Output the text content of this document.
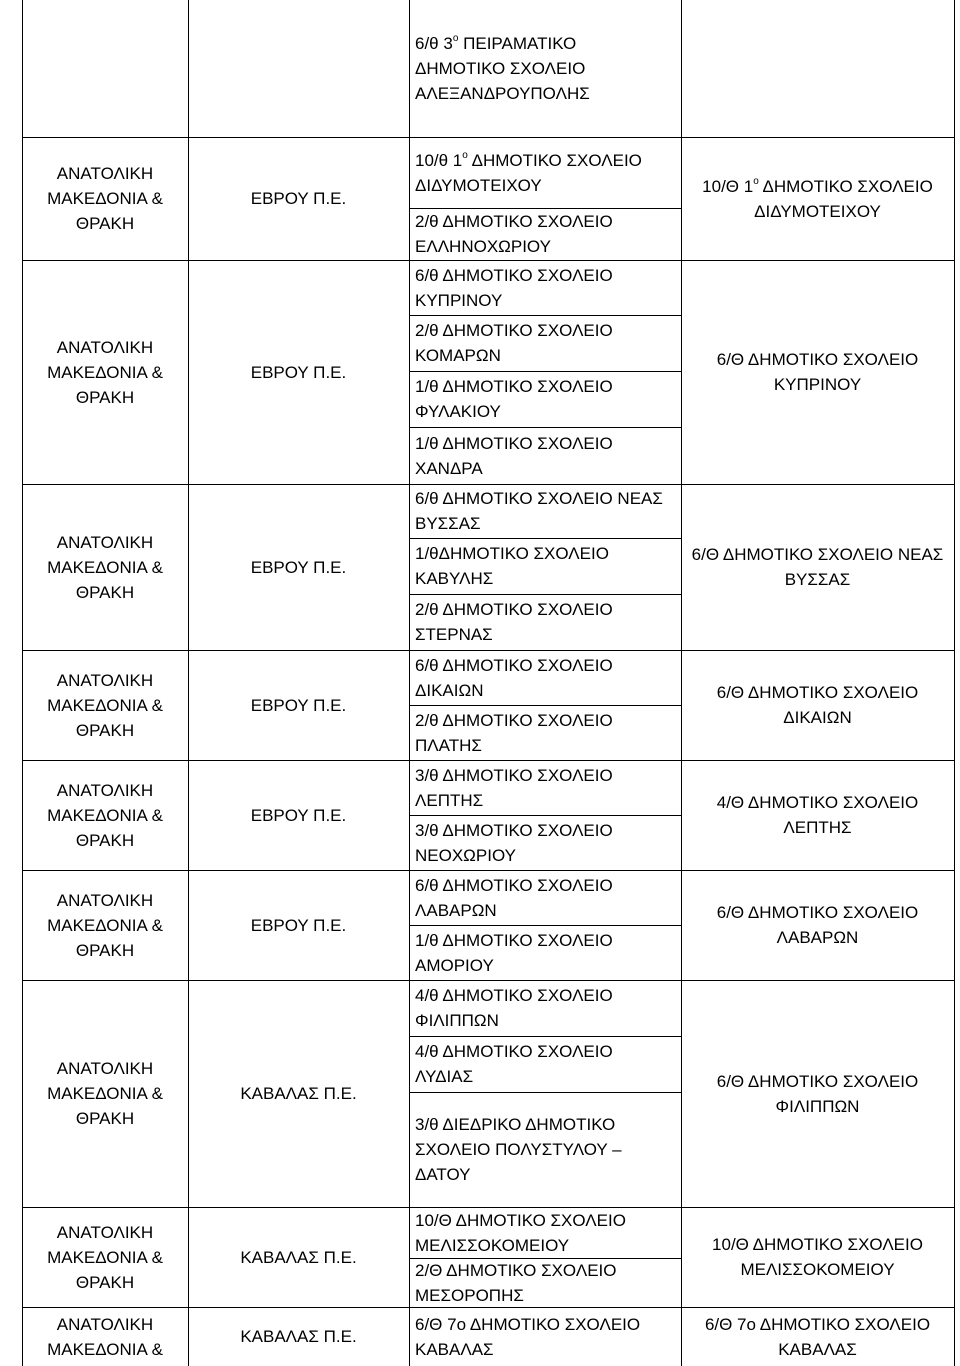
6/θ $3^o$ ΠΕΙΡΑΜΑΤΙΚΟ
ΔΗΜΟΤΙΚΟ ΣΧΟΛΕΙΟ
ΑΛΕΞΑΝΔΡΟΥΠΟΛΗΣ
ΑΝΑΤΟΛΙΚΗ
ΜΑΚΕΔΟΝΙΑ &
ΘΡΑΚΗ
ΕΒΡΟΥ Π.Ε.
10/θ $1^o$ ΔΗΜΟΤΙΚΟ ΣΧΟΛΕΙΟ
ΔΙΔΥΜΟΤΕΙΧΟΥ
2/θ ΔΗΜΟΤΙΚΟ ΣΧΟΛΕΙΟ
ΕΛΛΗΝΟΧΩΡΙΟΥ
10/Θ $1^o$ ΔΗΜΟΤΙΚΟ ΣΧΟΛΕΙΟ
ΔΙΔΥΜΟΤΕΙΧΟΥ
ΑΝΑΤΟΛΙΚΗ
ΜΑΚΕΔΟΝΙΑ &
ΘΡΑΚΗ
ΕΒΡΟΥ Π.Ε.
6/θ ΔΗΜΟΤΙΚΟ ΣΧΟΛΕΙΟ
ΚΥΠΡΙΝΟΥ
2/θ ΔΗΜΟΤΙΚΟ ΣΧΟΛΕΙΟ
ΚΟΜΑΡΩΝ
1/θ ΔΗΜΟΤΙΚΟ ΣΧΟΛΕΙΟ
ΦΥΛΑΚΙΟΥ
1/θ ΔΗΜΟΤΙΚΟ ΣΧΟΛΕΙΟ
ΧΑΝΔΡΑ
6/Θ ΔΗΜΟΤΙΚΟ ΣΧΟΛΕΙΟ
ΚΥΠΡΙΝΟΥ
ΑΝΑΤΟΛΙΚΗ
ΜΑΚΕΔΟΝΙΑ &
ΘΡΑΚΗ
ΕΒΡΟΥ Π.Ε.
6/θ ΔΗΜΟΤΙΚΟ ΣΧΟΛΕΙΟ ΝΕΑΣ
ΒΥΣΣΑΣ
1/θΔΗΜΟΤΙΚΟ ΣΧΟΛΕΙΟ
ΚΑΒΥΛΗΣ
2/θ ΔΗΜΟΤΙΚΟ ΣΧΟΛΕΙΟ
ΣΤΕΡΝΑΣ
6/Θ ΔΗΜΟΤΙΚΟ ΣΧΟΛΕΙΟ ΝΕΑΣ
ΒΥΣΣΑΣ
ΑΝΑΤΟΛΙΚΗ
ΜΑΚΕΔΟΝΙΑ &
ΘΡΑΚΗ
ΕΒΡΟΥ Π.Ε.
6/θ ΔΗΜΟΤΙΚΟ ΣΧΟΛΕΙΟ
ΔΙΚΑΙΩΝ
2/θ ΔΗΜΟΤΙΚΟ ΣΧΟΛΕΙΟ
ΠΛΑΤΗΣ
6/Θ ΔΗΜΟΤΙΚΟ ΣΧΟΛΕΙΟ
ΔΙΚΑΙΩΝ
ΑΝΑΤΟΛΙΚΗ
ΜΑΚΕΔΟΝΙΑ &
ΘΡΑΚΗ
ΕΒΡΟΥ Π.Ε.
3/θ ΔΗΜΟΤΙΚΟ ΣΧΟΛΕΙΟ
ΛΕΠΤΗΣ
3/θ ΔΗΜΟΤΙΚΟ ΣΧΟΛΕΙΟ
ΝΕΟΧΩΡΙΟΥ
4/Θ ΔΗΜΟΤΙΚΟ ΣΧΟΛΕΙΟ
ΛΕΠΤΗΣ
ΑΝΑΤΟΛΙΚΗ
ΜΑΚΕΔΟΝΙΑ &
ΘΡΑΚΗ
ΕΒΡΟΥ Π.Ε.
6/θ ΔΗΜΟΤΙΚΟ ΣΧΟΛΕΙΟ
ΛΑΒΑΡΩΝ
1/θ ΔΗΜΟΤΙΚΟ ΣΧΟΛΕΙΟ
ΑΜΟΡΙΟΥ
6/Θ ΔΗΜΟΤΙΚΟ ΣΧΟΛΕΙΟ
ΛΑΒΑΡΩΝ
ΑΝΑΤΟΛΙΚΗ
ΜΑΚΕΔΟΝΙΑ &
ΘΡΑΚΗ
ΚΑΒΑΛΑΣ Π.Ε.
4/θ ΔΗΜΟΤΙΚΟ ΣΧΟΛΕΙΟ
ΦΙΛΙΠΠΩΝ
4/θ ΔΗΜΟΤΙΚΟ ΣΧΟΛΕΙΟ
ΛΥΔΙΑΣ
3/θ ΔΙΕΔΡΙΚΟ ΔΗΜΟΤΙΚΟ
ΣΧΟΛΕΙΟ ΠΟΛΥΣΤΥΛΟΥ –
ΔΑΤΟΥ
6/Θ ΔΗΜΟΤΙΚΟ ΣΧΟΛΕΙΟ
ΦΙΛΙΠΠΩΝ
ΑΝΑΤΟΛΙΚΗ
ΜΑΚΕΔΟΝΙΑ &
ΘΡΑΚΗ
ΚΑΒΑΛΑΣ Π.Ε.
10/Θ ΔΗΜΟΤΙΚΟ ΣΧΟΛΕΙΟ
ΜΕΛΙΣΣΟΚΟΜΕΙΟΥ
2/Θ ΔΗΜΟΤΙΚΟ ΣΧΟΛΕΙΟ
ΜΕΣΟΡΟΠΗΣ
10/Θ ΔΗΜΟΤΙΚΟ ΣΧΟΛΕΙΟ
ΜΕΛΙΣΣΟΚΟΜΕΙΟΥ
ΑΝΑΤΟΛΙΚΗ
ΜΑΚΕΔΟΝΙΑ &
ΚΑΒΑΛΑΣ Π.Ε.
6/Θ 7ο ΔΗΜΟΤΙΚΟ ΣΧΟΛΕΙΟ
ΚΑΒΑΛΑΣ
6/Θ 7ο ΔΗΜΟΤΙΚΟ ΣΧΟΛΕΙΟ
ΚΑΒΑΛΑΣ
